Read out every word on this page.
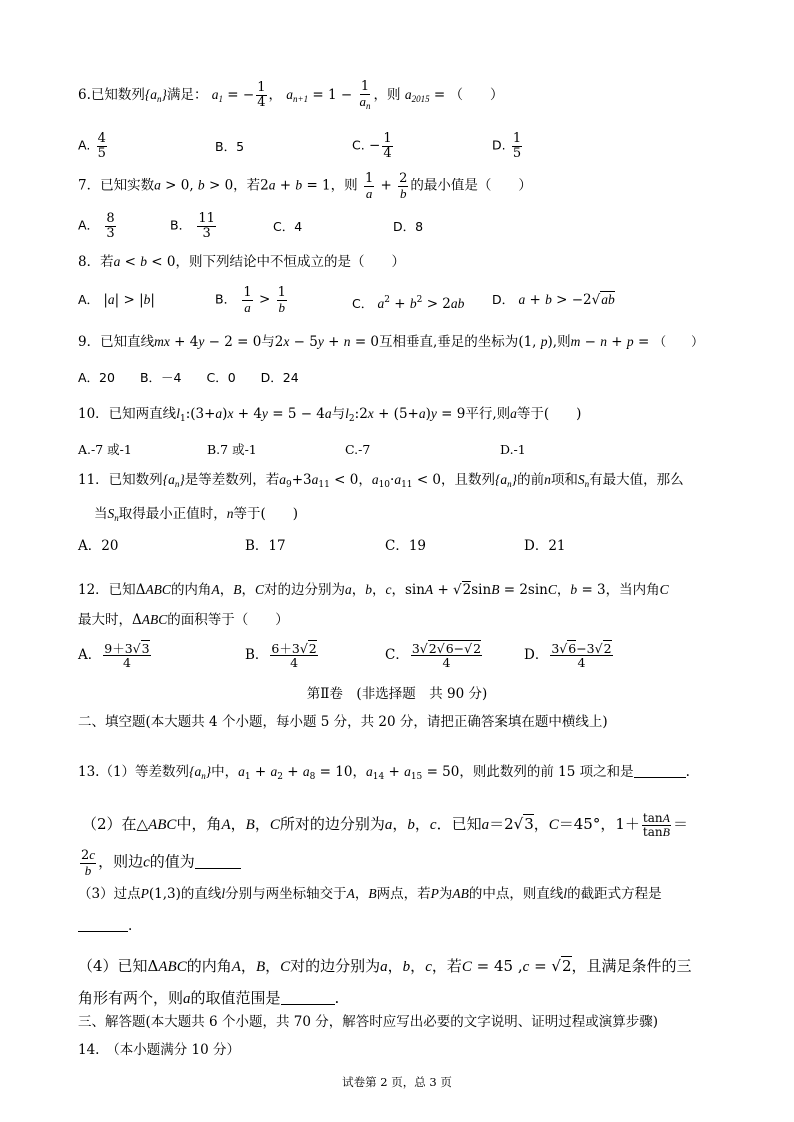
6.已知数列$\{a_n\}$满足： $a_1$ = − $\frac{1}{4}$ ， $a_{n+1} = 1 - \frac{1}{a_n}$ ，则 $a_{2015}$ = （　　）
A. $\frac{4}{5}$	B．5	C. − $\frac{1}{4}$	D. $\frac{1}{5}$
7．已知实数a > 0, b > 0，若2a + b = 1，则 $\frac{1}{a} + \frac{2}{b}$ 的最小值是（　　）
A． $\frac{8}{3}$	B． $\frac{11}{3}$	C．4	D．8
8．若a < b < 0，则下列结论中不恒成立的是（　　）
A． |a| > |b|	B． $\frac{1}{a} > \frac{1}{b}$	C． $a^2 + b^2 > 2ab$ D． a + b > −2√ab
9．已知直线mx + 4y − 2 = 0与2x − 5y + n = 0互相垂直,垂足的坐标为(1, p),则m − n + p = （　　）
A．20　　B．－4　　C．0　　D．24
10．已知两直线$l_1:(3+a)x + 4y = 5 - 4a$与$l_2:2x + (5+a)y = 9$平行,则a等于(　　)
A.-7 或-1	B.7 或-1	C.-7	D.-1
11．已知数列$\{a_n\}$是等差数列，若$a_9+3a_{11} < 0$，$a_{10}\cdot a_{11} < 0$，且数列$\{a_n\}$的前n项和$S_n$有最大值，那么
当$S_n$取得最小正值时，n等于(　　)
A．20	B．17	C．19	D．21
12．已知ΔABC的内角A，B，C对的边分别为a，b，c，sinA + √2sinB = 2sinC，b = 3，当内角C
最大时，ΔABC的面积等于（　　）
A． $\frac{9+3√3}{4}$	B． $\frac{6+3√2}{4}$	C． $\frac{3√2√6-√2}{4}$	D． $\frac{3√6-3√2}{4}$
第Ⅱ卷　(非选择题　共 90 分)
二、填空题(本大题共 4 个小题，每小题 5 分，共 20 分，请把正确答案填在题中横线上)
13.（1）等差数列$\{a_n\}$中，$a_1 + a_2 + a_8 = 10$，$a_{14} + a_{15} = 50$，则此数列的前 15 项之和是	.
（2）在△ABC中，角A，B，C所对的边分别为a，b，c．已知a＝2√3，C＝45°，$1+ \frac{\tan A}{\tan B}$ ＝
$\frac{2c}{b}$ ，则边c的值为
（3）过点P(1,3)的直线l分别与两坐标轴交于A，B两点，若P为AB的中点，则直线l的截距式方程是
.
（4）已知ΔABC的内角A，B，C对的边分别为a，b，c，若C = 45 ,c = √2，且满足条件的三
角形有两个，则a的取值范围是	.
三、解答题(本大题共 6 个小题，共 70 分，解答时应写出必要的文字说明、证明过程或演算步骤)
14.　（本小题满分 10 分）
试卷第 2 页，总 3 页
